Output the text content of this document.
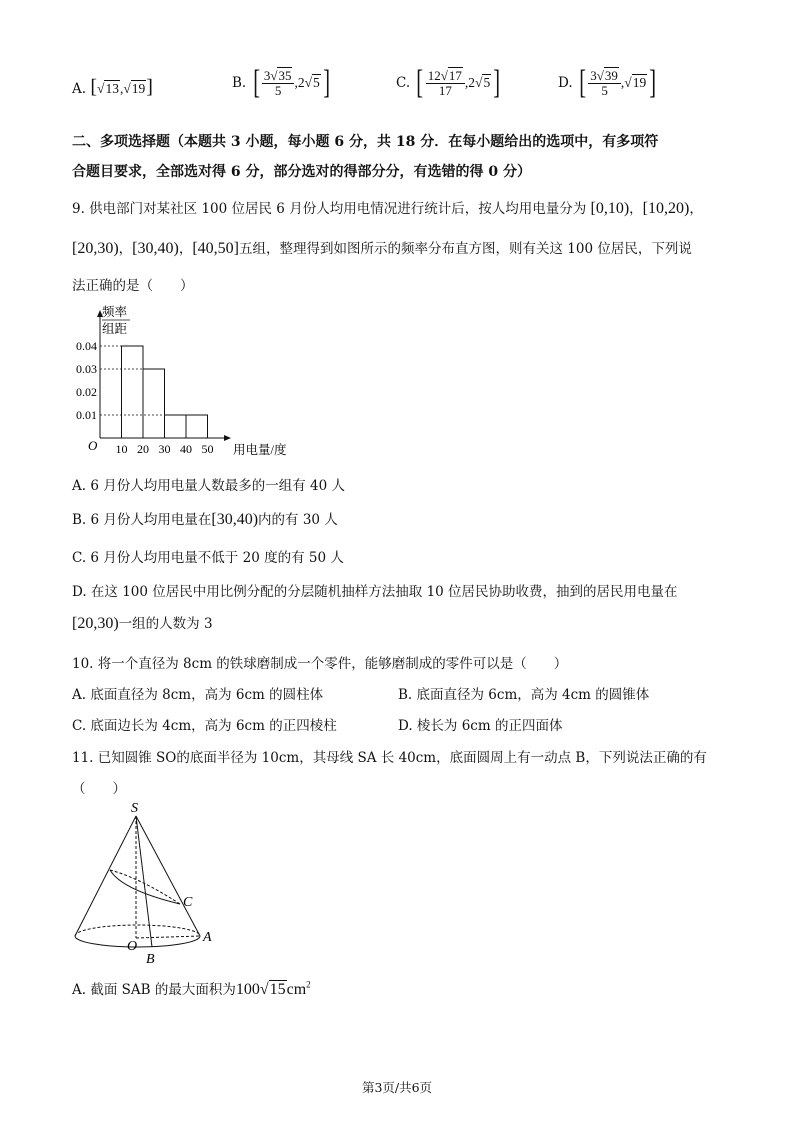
A. [√13,√19]	B. [ $\frac{3√35}{5} ,2√5$]	C. [ $\frac{12√17}{17} ,2√5$]	D. [ $\frac{3√39}{5} ,√19$]
二、多项选择题（本题共 3 小题，每小题 6 分，共 18 分．在每小题给出的选项中，有多项符
合题目要求，全部选对得 6 分，部分选对的得部分分，有选错的得 0 分）
9. 供电部门对某社区 100 位居民 6 月份人均用电情况进行统计后，按人均用电量分为 [0,10)，[10,20)，
[20,30)，[30,40)，[40,50]五组，整理得到如图所示的频率分布直方图，则有关这 100 位居民，下列说
法正确的是（　　）
0.01
0.02
0.03
0.04
10 20 30 40 50
O	用电量/度
频率
组距
A. 6 月份人均用电量人数最多的一组有 40 人
B. 6 月份人均用电量在[30,40)内的有 30 人
C. 6 月份人均用电量不低于 20 度的有 50 人
D. 在这 100 位居民中用比例分配的分层随机抽样方法抽取 10 位居民协助收费，抽到的居民用电量在
[20,30)一组的人数为 3
10. 将一个直径为 8cm 的铁球磨制成一个零件，能够磨制成的零件可以是（　　）
A. 底面直径为 8cm，高为 6cm 的圆柱体	B. 底面直径为 6cm，高为 4cm 的圆锥体
C. 底面边长为 4cm，高为 6cm 的正四棱柱	D. 棱长为 6cm 的正四面体
11. 已知圆锥 SO的底面半径为 10cm，其母线 SA 长 40cm，底面圆周上有一动点 B，下列说法正确的有
（　　）
S
C
A
O
B
A. 截面 SAB 的最大面积为$100√15cm^2$
第3页/共6页
